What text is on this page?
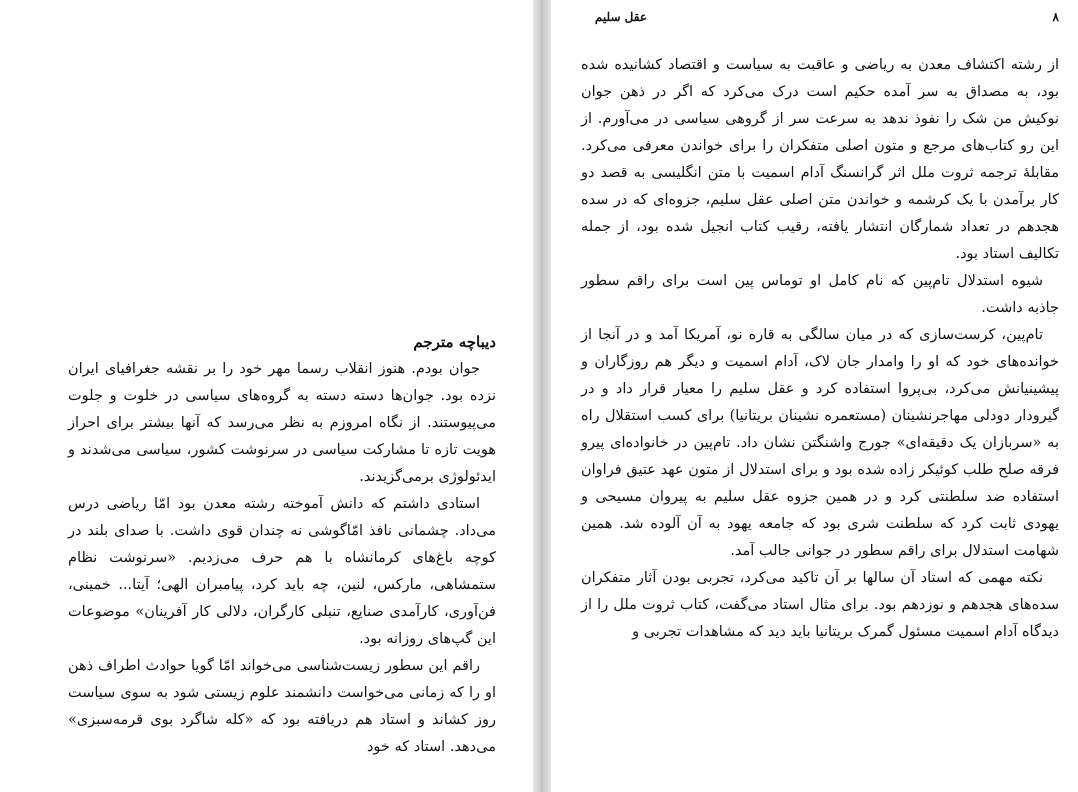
دیباچه مترجم

جوان بودم. هنوز انقلاب رسما مهر خود را بر نقشه جغرافیای ایران نزده بود. جوان‌ها دسته دسته به گروه‌های سیاسی در خلوت و جلوت می‌پیوستند. از نگاه امروزم به نظر می‌رسد که آنها بیشتر برای احراز هویت تازه تا مشارکت سیاسی در سرنوشت کشور، سیاسی می‌شدند و ایدئولوژی برمی‌گزیدند.

استادی داشتم که دانش آموخته رشته معدن بود امّا ریاضی درس می‌داد. چشمانی نافذ امّاگوشی نه چندان قوی داشت. با صدای بلند در کوچه باغ‌های کرمانشاه با هم حرف می‌زدیم. «سرنوشت نظام ستمشاهی، مارکس، لنین، چه باید کرد، پیامبران الهی؛ آیتا... خمینی، فن‌آوری، کارآمدی صنایع، تنبلی کارگران، دلالی کار آفرینان» موضوعات این گپ‌های روزانه بود.

راقم این سطور زیست‌شناسی می‌خواند امّا گویا حوادث اطراف ذهن او را که زمانی می‌خواست دانشمند علوم زیستی شود به سوی سیاست روز کشاند و استاد هم دریافته بود که «کله شاگرد بوی قرمه‌سبزی» می‌دهد. استاد که خود

۸
عقل سلیم

از رشته اکتشاف معدن به ریاضی و عاقبت به سیاست و اقتصاد کشانیده شده بود، به مصداق به سر آمده حکیم است درک می‌کرد که اگر در ذهن جوان نوکیش من شک را نفوذ ندهد به سرعت سر از گروهی سیاسی در می‌آورم. از این رو کتاب‌های مرجع و متون اصلی متفکران را برای خواندن معرفی می‌کرد. مقابلۀ ترجمه ثروت ملل اثر گرانسنگ آدام اسمیت با متن انگلیسی به قصد دو کار برآمدن با یک کرشمه و خواندن متن اصلی عقل سلیم، جزوه‌ای که در سده هجدهم در تعداد شمارگان انتشار یافته، رقیب کتاب انجیل شده بود، از جمله تکالیف استاد بود.

شیوه استدلال تام‌پین که نام کامل او توماس پین است برای راقم سطور جاذبه داشت.

تام‌پین، کرست‌سازی که در میان سالگی به قاره نو، آمریکا آمد و در آنجا از خوانده‌های خود که او را وامدار جان لاک، آدام اسمیت و دیگر هم روزگاران و پیشینیانش می‌کرد، بی‌پروا استفاده کرد و عقل سلیم را معیار قرار داد و در گیرودار دودلی مهاجرنشینان (مستعمره نشینان بریتانیا) برای کسب استقلال راه به «سربازان یک دقیقه‌ای» جورج واشنگتن نشان داد. تام‌پین در خانواده‌ای پیرو فرقه صلح طلب کوئیکر زاده شده بود و برای استدلال از متون عهد عتیق فراوان استفاده ضد سلطنتی کرد و در همین جزوه عقل سلیم به پیروان مسیحی و یهودی ثابت کرد که سلطنت شری بود که جامعه یهود به آن آلوده شد. همین شهامت استدلال برای راقم سطور در جوانی جالب آمد.

نکته مهمی که استاد آن سالها بر آن تاکید می‌کرد، تجربی بودن آثار متفکران سده‌های هجدهم و نوزدهم بود. برای مثال استاد می‌گفت، کتاب ثروت ملل را از دیدگاه آدام اسمیت مسئول گمرک بریتانیا باید دید که مشاهدات تجربی و
